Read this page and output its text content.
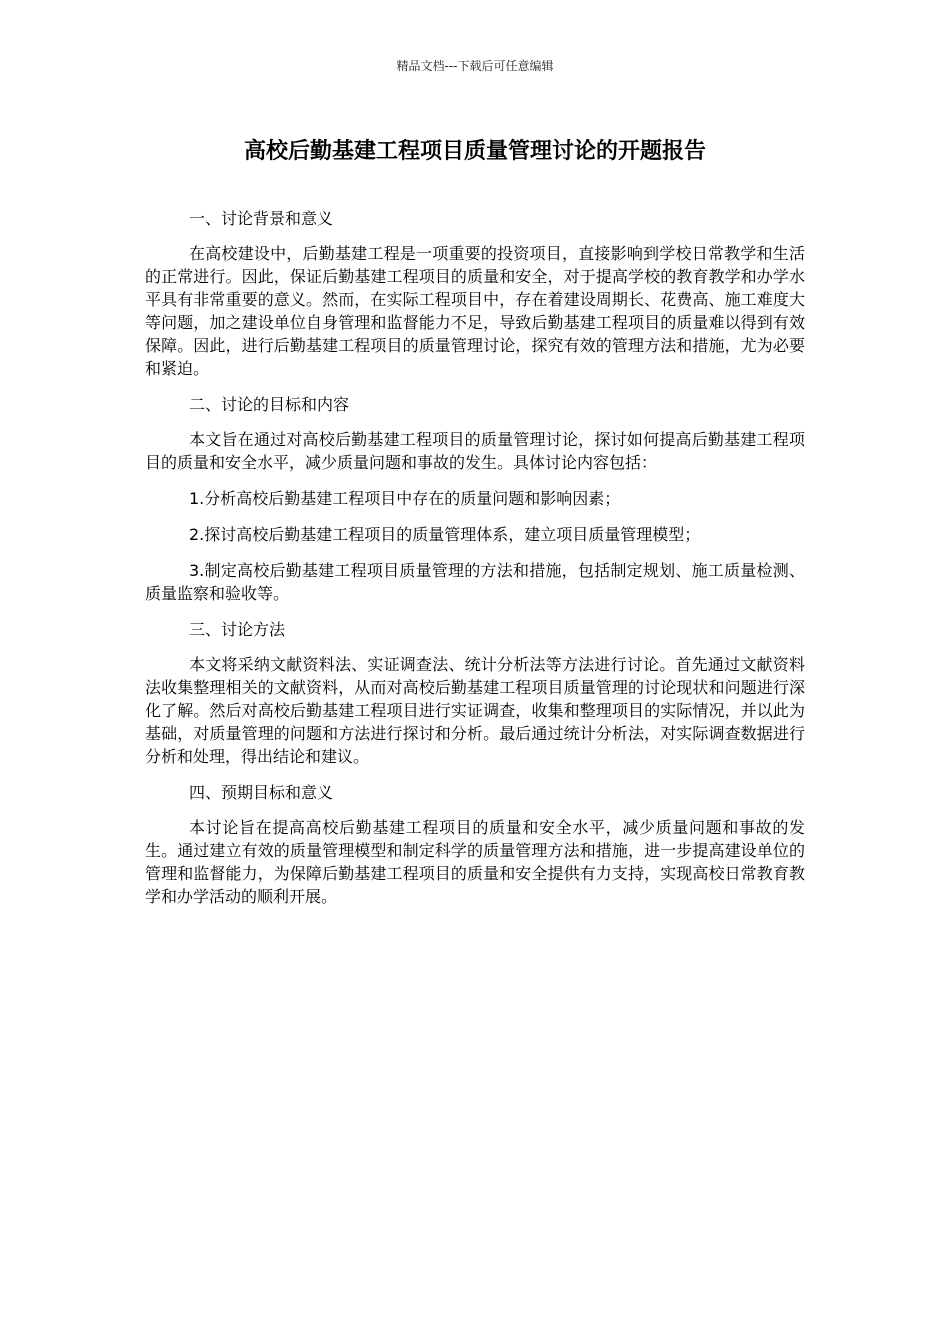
精品文档---下载后可任意编辑
高校后勤基建工程项目质量管理讨论的开题报告

一、讨论背景和意义

在高校建设中，后勤基建工程是一项重要的投资项目，直接影响到学校日常教学和生活的正常进行。因此，保证后勤基建工程项目的质量和安全，对于提高学校的教育教学和办学水平具有非常重要的意义。然而，在实际工程项目中，存在着建设周期长、花费高、施工难度大等问题，加之建设单位自身管理和监督能力不足，导致后勤基建工程项目的质量难以得到有效保障。因此，进行后勤基建工程项目的质量管理讨论，探究有效的管理方法和措施，尤为必要和紧迫。

二、讨论的目标和内容

本文旨在通过对高校后勤基建工程项目的质量管理讨论，探讨如何提高后勤基建工程项目的质量和安全水平，减少质量问题和事故的发生。具体讨论内容包括：

1.分析高校后勤基建工程项目中存在的质量问题和影响因素；

2.探讨高校后勤基建工程项目的质量管理体系，建立项目质量管理模型；

3.制定高校后勤基建工程项目质量管理的方法和措施，包括制定规划、施工质量检测、质量监察和验收等。

三、讨论方法

本文将采纳文献资料法、实证调查法、统计分析法等方法进行讨论。首先通过文献资料法收集整理相关的文献资料，从而对高校后勤基建工程项目质量管理的讨论现状和问题进行深化了解。然后对高校后勤基建工程项目进行实证调查，收集和整理项目的实际情况，并以此为基础，对质量管理的问题和方法进行探讨和分析。最后通过统计分析法，对实际调查数据进行分析和处理，得出结论和建议。

四、预期目标和意义

本讨论旨在提高高校后勤基建工程项目的质量和安全水平，减少质量问题和事故的发生。通过建立有效的质量管理模型和制定科学的质量管理方法和措施，进一步提高建设单位的管理和监督能力，为保障后勤基建工程项目的质量和安全提供有力支持，实现高校日常教育教学和办学活动的顺利开展。
